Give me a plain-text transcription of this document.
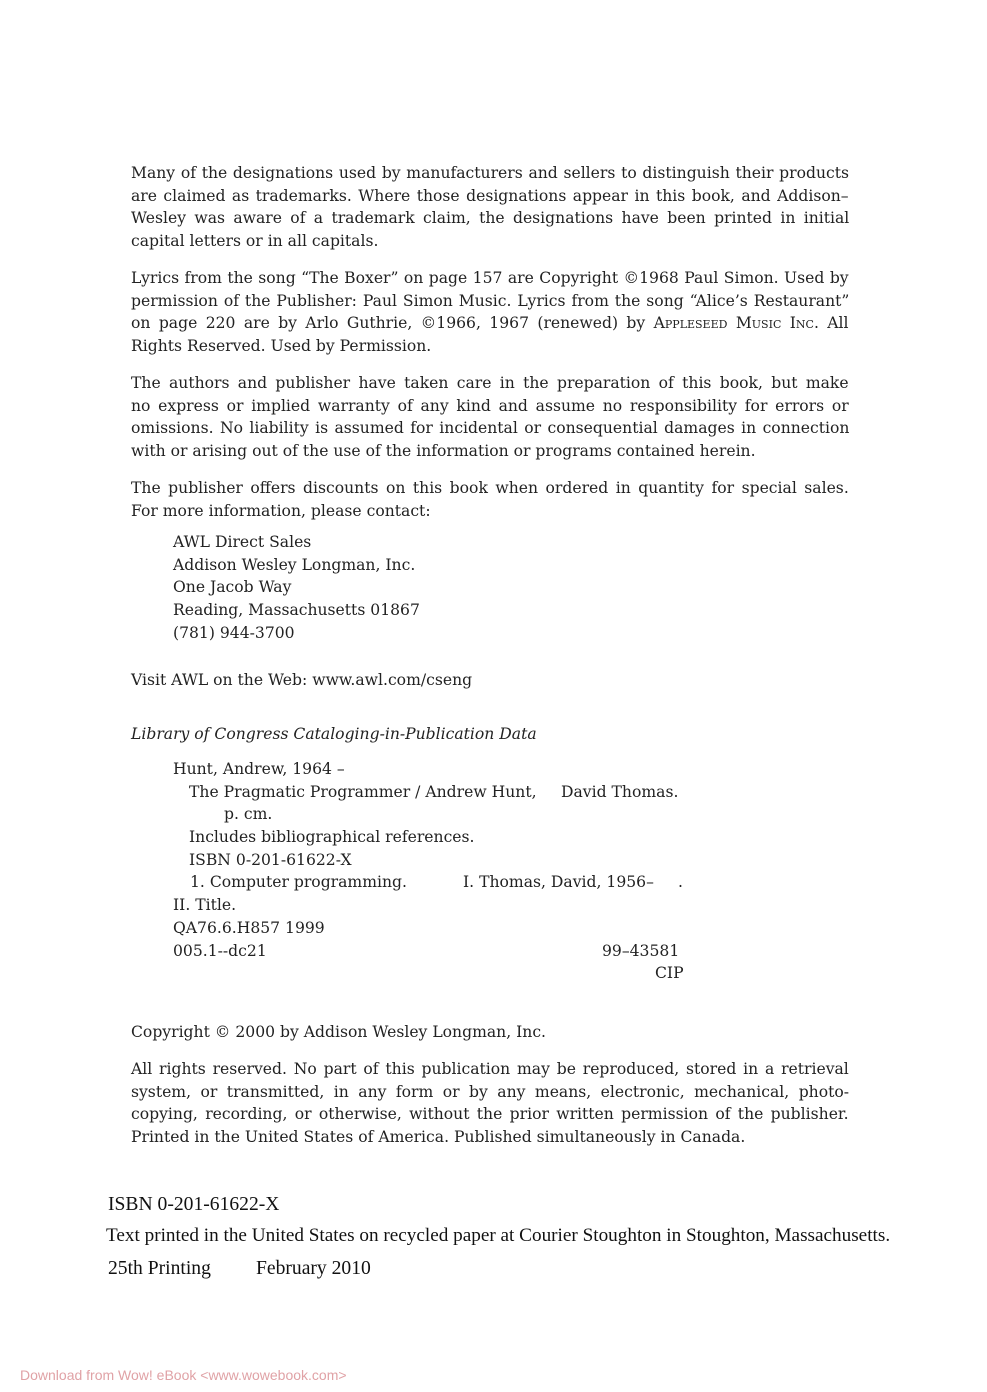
Many of the designations used by manufacturers and sellers to distinguish their products
are claimed as trademarks. Where those designations appear in this book, and Addison–
Wesley was aware of a trademark claim, the designations have been printed in initial
capital letters or in all capitals.
Lyrics from the song “The Boxer” on page 157 are Copyright ©1968 Paul Simon. Used by
permission of the Publisher: Paul Simon Music. Lyrics from the song “Alice’s Restaurant”
on page 220 are by Arlo Guthrie, ©1966, 1967 (renewed) by Appleseed Music Inc. All
Rights Reserved. Used by Permission.
The authors and publisher have taken care in the preparation of this book, but make
no express or implied warranty of any kind and assume no responsibility for errors or
omissions. No liability is assumed for incidental or consequential damages in connection
with or arising out of the use of the information or programs contained herein.
The publisher offers discounts on this book when ordered in quantity for special sales.
For more information, please contact:
AWL Direct Sales
Addison Wesley Longman, Inc.
One Jacob Way
Reading, Massachusetts 01867
(781) 944-3700
Visit AWL on the Web: www.awl.com/cseng
Library of Congress Cataloging-in-Publication Data
Hunt, Andrew, 1964 –
The Pragmatic Programmer / Andrew Hunt, David Thomas.
p. cm.
Includes bibliographical references.
ISBN 0-201-61622-X
1. Computer programming.	I. Thomas, David, 1956– .
II. Title.
QA76.6.H857 1999
005.1--dc21	99–43581
CIP
Copyright © 2000 by Addison Wesley Longman, Inc.
All rights reserved. No part of this publication may be reproduced, stored in a retrieval
system, or transmitted, in any form or by any means, electronic, mechanical, photo-
copying, recording, or otherwise, without the prior written permission of the publisher.
Printed in the United States of America. Published simultaneously in Canada.
ISBN 0-201-61622-X
Text printed in the United States on recycled paper at Courier Stoughton in Stoughton, Massachusetts.
25th Printing February 2010
Download from Wow! eBook <www.wowebook.com>
